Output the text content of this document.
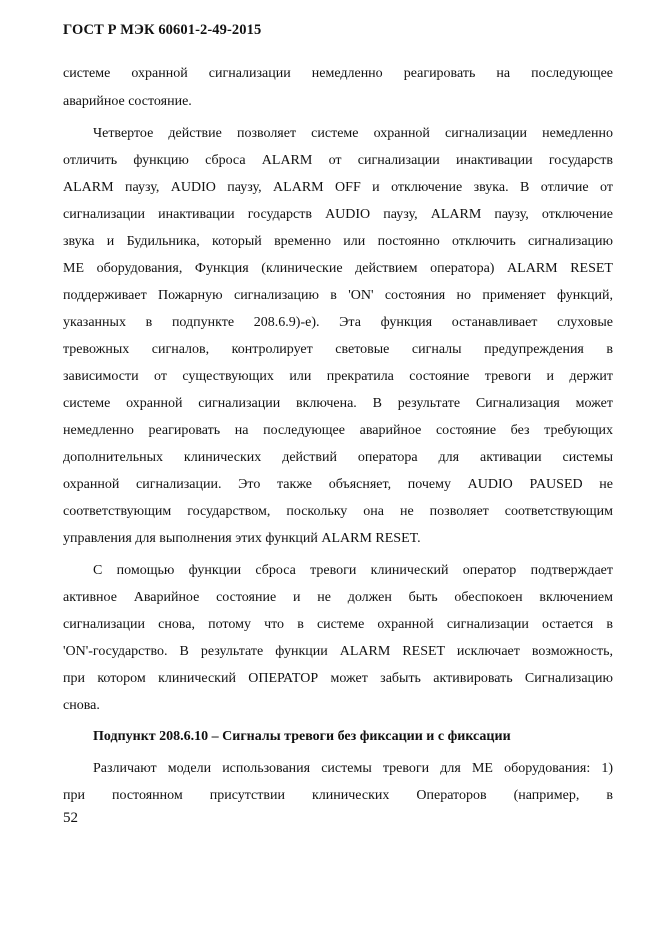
ГОСТ Р МЭК 60601-2-49-2015
системе охранной сигнализации немедленно реагировать на последующее
аварийное состояние.
Четвертое действие позволяет системе охранной сигнализации немедленно
отличить функцию сброса ALARM от сигнализации инактивации государств
ALARM паузу, AUDIO паузу, ALARM OFF и отключение звука. В отличие от
сигнализации инактивации государств AUDIO паузу, ALARM паузу, отключение
звука и Будильника, который временно или постоянно отключить сигнализацию
ME оборудования, Функция (клинические действием оператора) ALARM RESET
поддерживает Пожарную сигнализацию в 'ON' состояния но применяет функций,
указанных в подпункте 208.6.9)-е). Эта функция останавливает слуховые
тревожных сигналов, контролирует световые сигналы предупреждения в
зависимости от существующих или прекратила состояние тревоги и держит
системе охранной сигнализации включена. В результате Сигнализация может
немедленно реагировать на последующее аварийное состояние без требующих
дополнительных клинических действий оператора для активации системы
охранной сигнализации. Это также объясняет, почему AUDIO PAUSED не
соответствующим государством, поскольку она не позволяет соответствующим
управления для выполнения этих функций ALARM RESET.
С помощью функции сброса тревоги клинический оператор подтверждает
активное Аварийное состояние и не должен быть обеспокоен включением
сигнализации снова, потому что в системе охранной сигнализации остается в
'ON'-государство. В результате функции ALARM RESET исключает возможность,
при котором клинический ОПЕРАТОР может забыть активировать Сигнализацию
снова.
Подпункт 208.6.10 – Сигналы тревоги без фиксации и с фиксации
Различают модели использования системы тревоги для ME оборудования: 1)
при постоянном присутствии клинических Операторов (например, в
52
